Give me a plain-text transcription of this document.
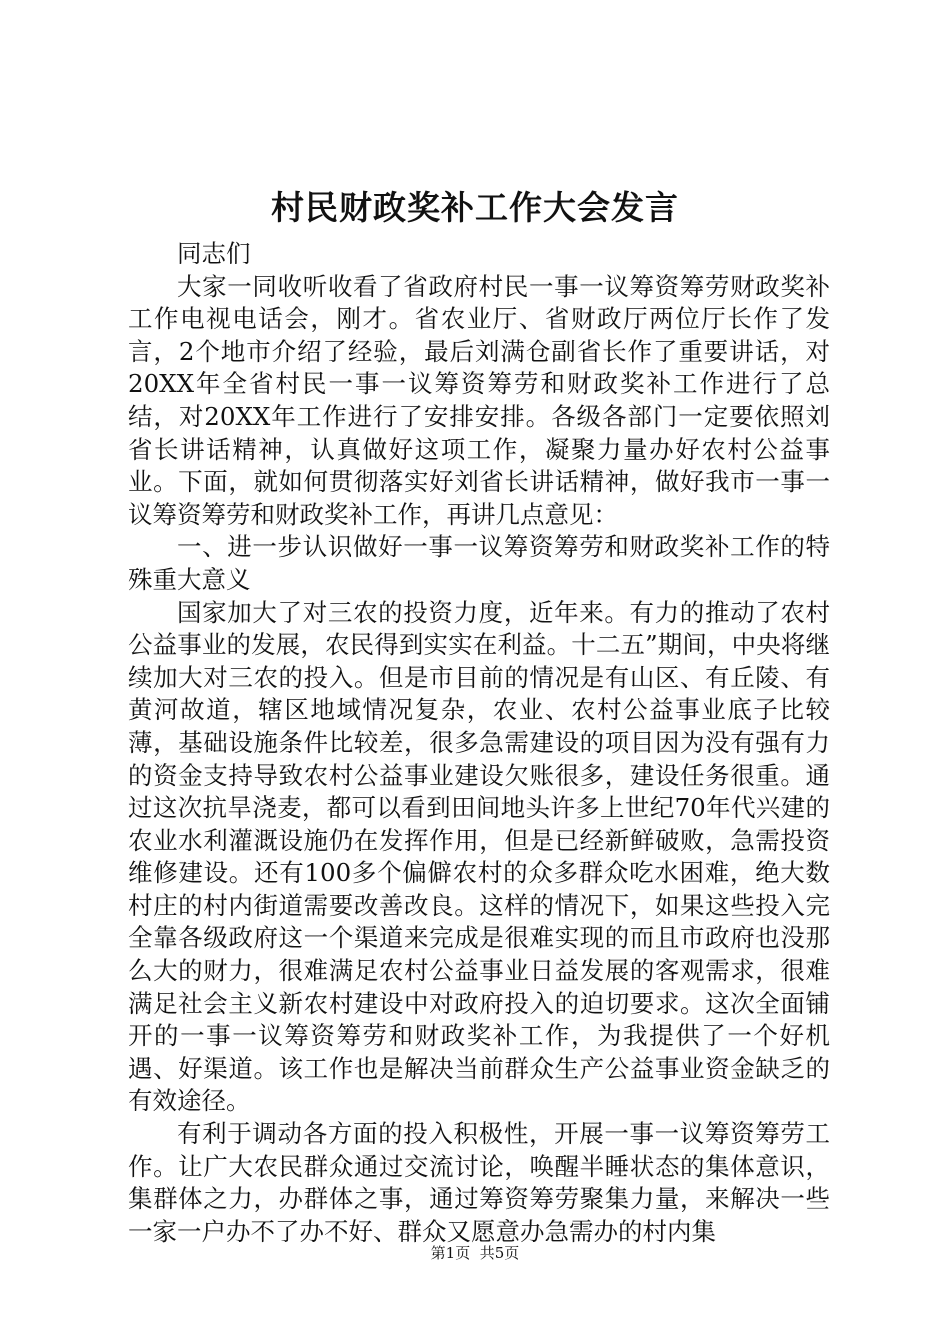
村民财政奖补工作大会发言

同志们

大家一同收听收看了省政府村民一事一议筹资筹劳财政奖补工作电视电话会，刚才。省农业厅、省财政厅两位厅长作了发言，2个地市介绍了经验，最后刘满仓副省长作了重要讲话，对20XX年全省村民一事一议筹资筹劳和财政奖补工作进行了总结，对20XX年工作进行了安排安排。各级各部门一定要依照刘省长讲话精神，认真做好这项工作，凝聚力量办好农村公益事业。下面，就如何贯彻落实好刘省长讲话精神，做好我市一事一议筹资筹劳和财政奖补工作，再讲几点意见：

一、进一步认识做好一事一议筹资筹劳和财政奖补工作的特殊重大意义

国家加大了对三农的投资力度，近年来。有力的推动了农村公益事业的发展，农民得到实实在利益。十二五”期间，中央将继续加大对三农的投入。但是市目前的情况是有山区、有丘陵、有黄河故道，辖区地域情况复杂，农业、农村公益事业底子比较薄，基础设施条件比较差，很多急需建设的项目因为没有强有力的资金支持导致农村公益事业建设欠账很多，建设任务很重。通过这次抗旱浇麦，都可以看到田间地头许多上世纪70年代兴建的农业水利灌溉设施仍在发挥作用，但是已经新鲜破败，急需投资维修建设。还有100多个偏僻农村的众多群众吃水困难，绝大数村庄的村内街道需要改善改良。这样的情况下，如果这些投入完全靠各级政府这一个渠道来完成是很难实现的而且市政府也没那么大的财力，很难满足农村公益事业日益发展的客观需求，很难满足社会主义新农村建设中对政府投入的迫切要求。这次全面铺开的一事一议筹资筹劳和财政奖补工作，为我提供了一个好机遇、好渠道。该工作也是解决当前群众生产公益事业资金缺乏的有效途径。

有利于调动各方面的投入积极性，开展一事一议筹资筹劳工作。让广大农民群众通过交流讨论，唤醒半睡状态的集体意识，集群体之力，办群体之事，通过筹资筹劳聚集力量，来解决一些一家一户办不了办不好、群众又愿意办急需办的村内集

第1页 共5页
